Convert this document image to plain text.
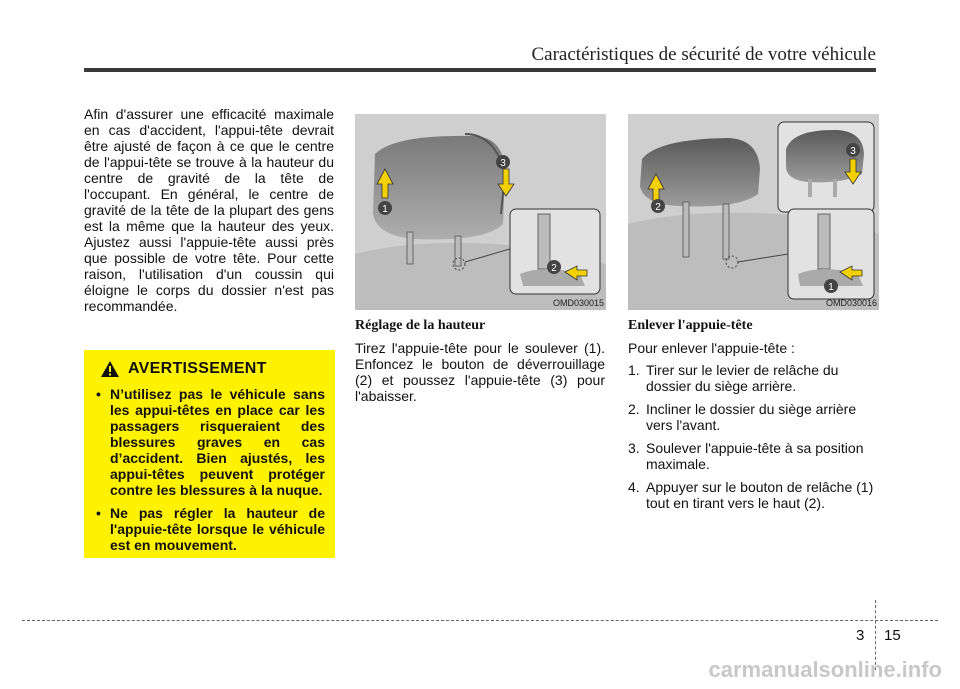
Caractéristiques de sécurité de votre véhicule
Afin d'assurer une efficacité maximale en cas d'accident, l'appui-tête devrait être ajusté de façon à ce que le centre de l'appui-tête se trouve à la hauteur du centre de gravité de la tête de l'occupant. En général, le centre de gravité de la tête de la plupart des gens est la même que la hauteur des yeux. Ajustez aussi l'appuie-tête aussi près que possible de votre tête. Pour cette raison, l'utilisation d'un coussin qui éloigne le corps du dossier n'est pas recommandée.
AVERTISSEMENT
• N’utilisez pas le véhicule sans les appui-têtes en place car les passagers risqueraient des blessures graves en cas d’accident. Bien ajustés, les appui-têtes peuvent protéger contre les blessures à la nuque.
• Ne pas régler la hauteur de l'appuie-tête lorsque le véhicule est en mouvement.
1
2
3
OMD030015
1
2
3
OMD030016
Réglage de la hauteur
Tirez l'appuie-tête pour le soulever (1). Enfoncez le bouton de déverrouillage (2) et poussez l'appuie-tête (3) pour l'abaisser.
Enlever l'appuie-tête
Pour enlever l'appuie-tête :
1. Tirer sur le levier de relâche du dossier du siège arrière.
2. Incliner le dossier du siège arrière vers l'avant.
3. Soulever l'appuie-tête à sa position maximale.
4. Appuyer sur le bouton de relâche (1) tout en tirant vers le haut (2).
3 15
carmanualsonline.info
